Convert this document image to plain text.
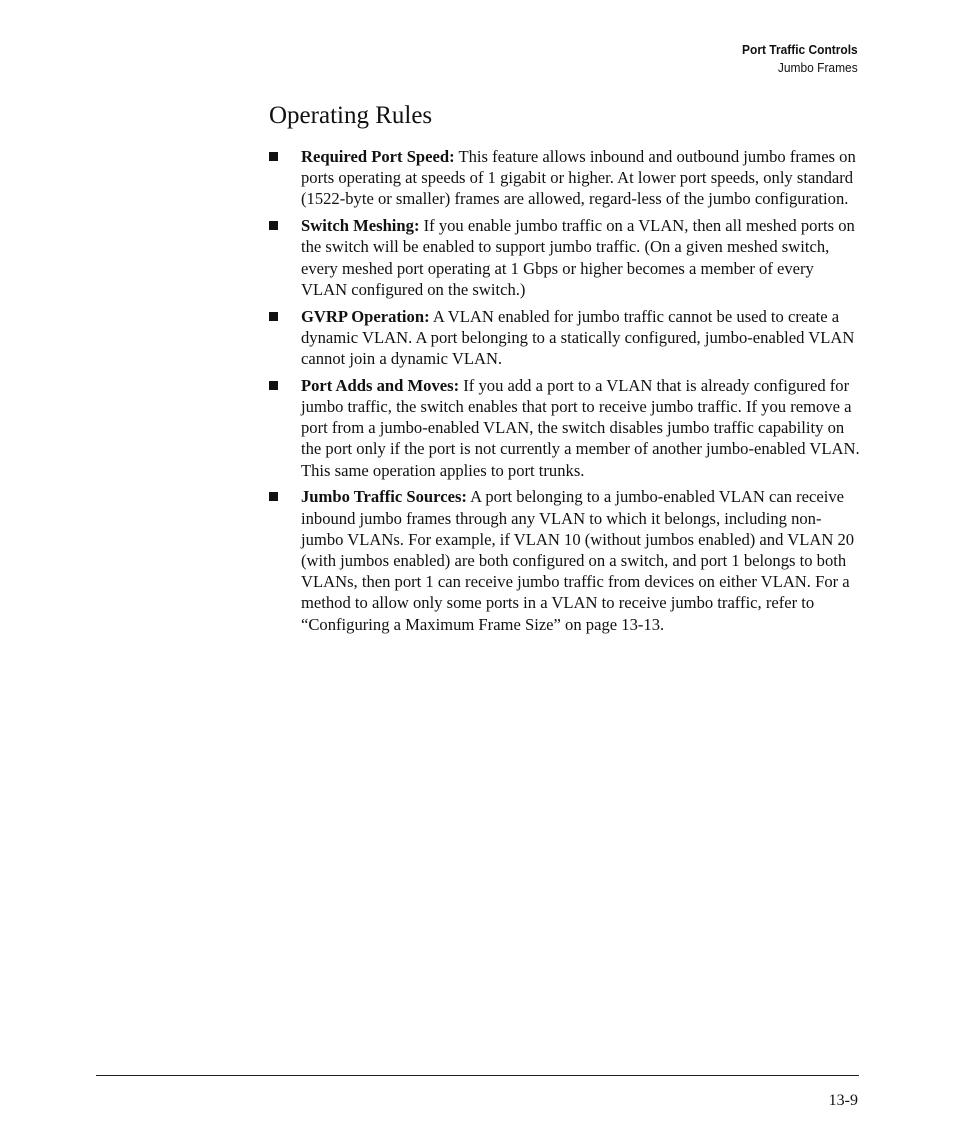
Port Traffic Controls
Jumbo Frames
Operating Rules
Required Port Speed: This feature allows inbound and outbound jumbo frames on ports operating at speeds of 1 gigabit or higher. At lower port speeds, only standard (1522-byte or smaller) frames are allowed, regard-less of the jumbo configuration.
Switch Meshing: If you enable jumbo traffic on a VLAN, then all meshed ports on the switch will be enabled to support jumbo traffic. (On a given meshed switch, every meshed port operating at 1 Gbps or higher becomes a member of every VLAN configured on the switch.)
GVRP Operation: A VLAN enabled for jumbo traffic cannot be used to create a dynamic VLAN. A port belonging to a statically configured, jumbo-enabled VLAN cannot join a dynamic VLAN.
Port Adds and Moves: If you add a port to a VLAN that is already configured for jumbo traffic, the switch enables that port to receive jumbo traffic. If you remove a port from a jumbo-enabled VLAN, the switch disables jumbo traffic capability on the port only if the port is not currently a member of another jumbo-enabled VLAN. This same operation applies to port trunks.
Jumbo Traffic Sources: A port belonging to a jumbo-enabled VLAN can receive inbound jumbo frames through any VLAN to which it belongs, including non-jumbo VLANs. For example, if VLAN 10 (without jumbos enabled) and VLAN 20 (with jumbos enabled) are both configured on a switch, and port 1 belongs to both VLANs, then port 1 can receive jumbo traffic from devices on either VLAN. For a method to allow only some ports in a VLAN to receive jumbo traffic, refer to “Configuring a Maximum Frame Size” on page 13-13.
13-9
